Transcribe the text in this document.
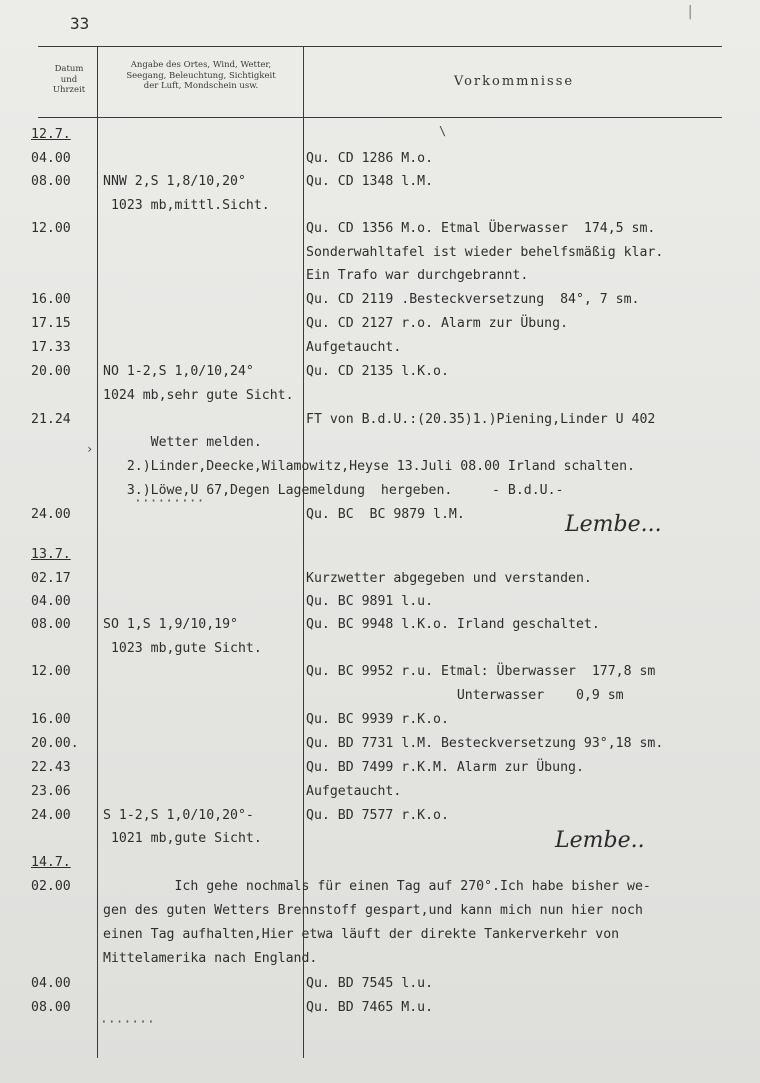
33
|
Datum
und
Uhrzeit
Angabe des Ortes, Wind, Wetter,
Seegang, Beleuchtung, Sichtigkeit
der Luft, Mondschein usw.	Vorkommnisse
12.7.
04.00	Qu. CD 1286 M.o.
08.00 NNW 2,S 1,8/10,20°	Qu. CD 1348 l.M.
1023 mb,mittl.Sicht.
12.00	Qu. CD 1356 M.o. Etmal Überwasser  174,5 sm.
Sonderwahltafel ist wieder behelfsmäßig klar.
Ein Trafo war durchgebrannt.
16.00	Qu. CD 2119 .Besteckversetzung  84°, 7 sm.
17.15	Qu. CD 2127 r.o. Alarm zur Übung.
17.33	Aufgetaucht.
20.00 NO 1-2,S 1,0/10,24°	Qu. CD 2135 l.K.o.
1024 mb,sehr gute Sicht.
21.24	FT von B.d.U.:(20.35)1.)Piening,Linder U 402
Wetter melden.
2.)Linder,Deecke,Wilamowitz,Heyse 13.Juli 08.00 Irland schalten.
3.)Löwe,U 67,Degen Lagemeldung  hergeben.     - B.d.U.-
24.00	Qu. BC  BC 9879 l.M.
13.7.
02.17	Kurzwetter abgegeben und verstanden.
04.00	Qu. BC 9891 l.u.
08.00 SO 1,S 1,9/10,19°	Qu. BC 9948 l.K.o. Irland geschaltet.
1023 mb,gute Sicht.
12.00	Qu. BC 9952 r.u. Etmal: Überwasser  177,8 sm
Unterwasser    0,9 sm
16.00	Qu. BC 9939 r.K.o.
20.00.	Qu. BD 7731 l.M. Besteckversetzung 93°,18 sm.
22.43	Qu. BD 7499 r.K.M. Alarm zur Übung.
23.06	Aufgetaucht.
24.00 S 1-2,S 1,0/10,20°-	Qu. BD 7577 r.K.o.
1021 mb,gute Sicht.
14.7.
02.00 Ich gehe nochmals für einen Tag auf 270°.Ich habe bisher we-
gen des guten Wetters Brennstoff gespart,und kann mich nun hier noch
einen Tag aufhalten,Hier etwa läuft der direkte Tankerverkehr von
Mittelamerika nach England.
04.00	Qu. BD 7545 l.u.
08.00	Qu. BD 7465 M.u.
·········
·······
\
›
Lembe...
Lembe..
